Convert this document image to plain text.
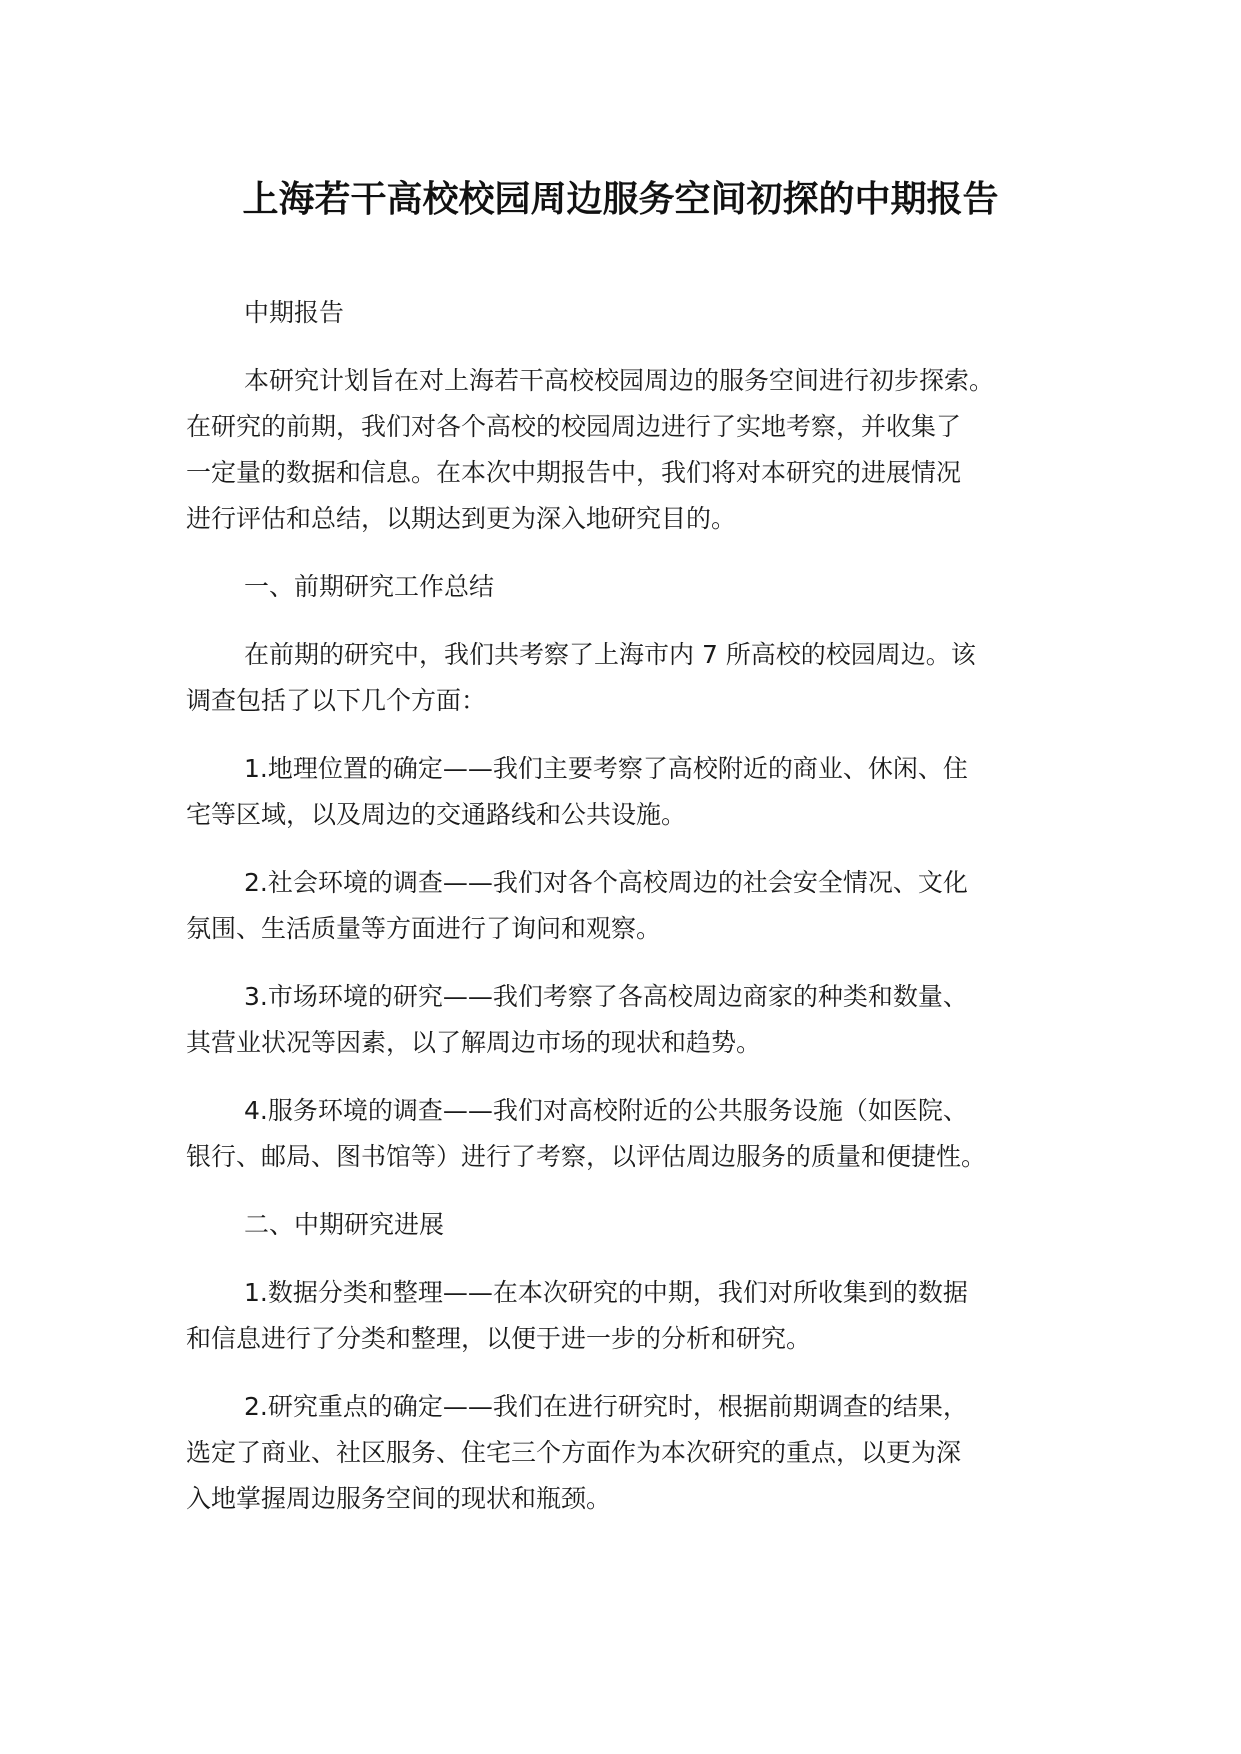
上海若干高校校园周边服务空间初探的中期报告
中期报告
本研究计划旨在对上海若干高校校园周边的服务空间进行初步探索。
在研究的前期，我们对各个高校的校园周边进行了实地考察，并收集了
一定量的数据和信息。在本次中期报告中，我们将对本研究的进展情况
进行评估和总结，以期达到更为深入地研究目的。
一、前期研究工作总结
在前期的研究中，我们共考察了上海市内 7 所高校的校园周边。该
调查包括了以下几个方面：
1.地理位置的确定——我们主要考察了高校附近的商业、休闲、住
宅等区域，以及周边的交通路线和公共设施。
2.社会环境的调查——我们对各个高校周边的社会安全情况、文化
氛围、生活质量等方面进行了询问和观察。
3.市场环境的研究——我们考察了各高校周边商家的种类和数量、
其营业状况等因素，以了解周边市场的现状和趋势。
4.服务环境的调查——我们对高校附近的公共服务设施（如医院、
银行、邮局、图书馆等）进行了考察，以评估周边服务的质量和便捷性。
二、中期研究进展
1.数据分类和整理——在本次研究的中期，我们对所收集到的数据
和信息进行了分类和整理，以便于进一步的分析和研究。
2.研究重点的确定——我们在进行研究时，根据前期调查的结果，
选定了商业、社区服务、住宅三个方面作为本次研究的重点，以更为深
入地掌握周边服务空间的现状和瓶颈。
